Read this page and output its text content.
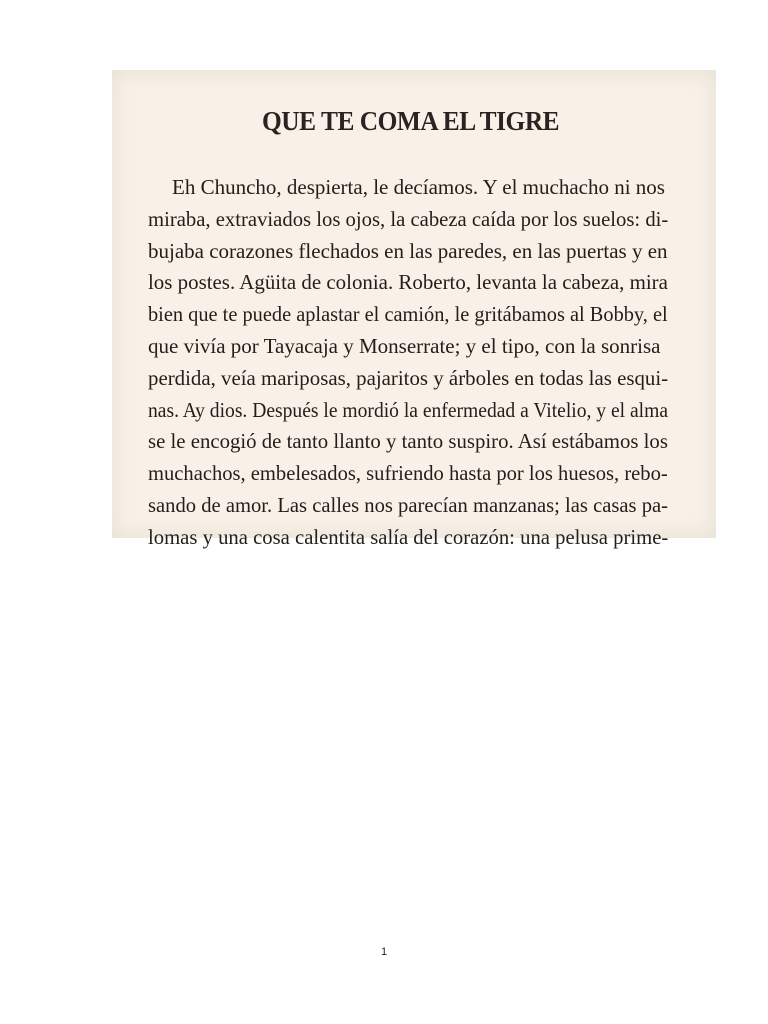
QUE TE COMA EL TIGRE
Eh Chuncho, despierta, le decíamos. Y el muchacho ni nos
miraba, extraviados los ojos, la cabeza caída por los suelos: di-
bujaba corazones flechados en las paredes, en las puertas y en
los postes. Agüita de colonia. Roberto, levanta la cabeza, mira
bien que te puede aplastar el camión, le gritábamos al Bobby, el
que vivía por Tayacaja y Monserrate; y el tipo, con la sonrisa
perdida, veía mariposas, pajaritos y árboles en todas las esqui-
nas. Ay dios. Después le mordió la enfermedad a Vitelio, y el alma
se le encogió de tanto llanto y tanto suspiro. Así estábamos los
muchachos, embelesados, sufriendo hasta por los huesos, rebo-
sando de amor. Las calles nos parecían manzanas; las casas pa-
lomas y una cosa calentita salía del corazón: una pelusa prime-
1
